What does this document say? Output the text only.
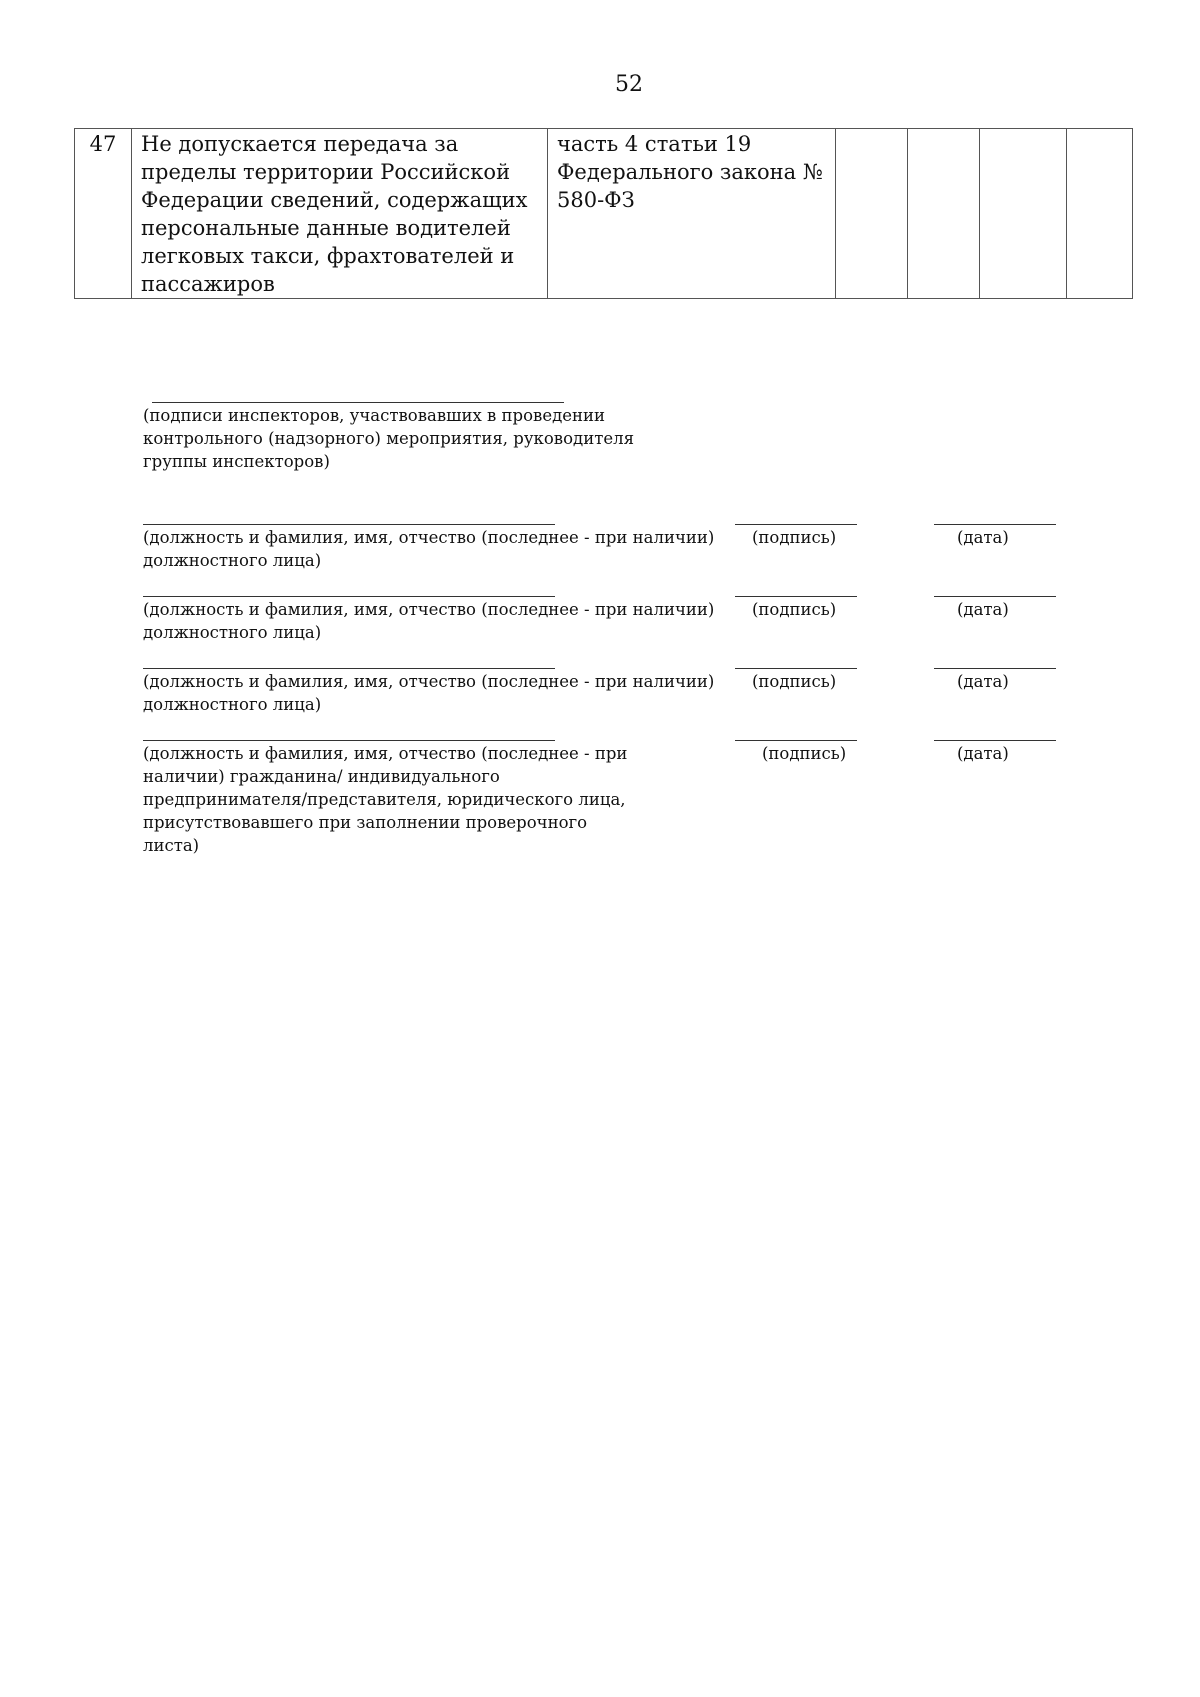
52
47	Не допускается передача за пределы территории Российской Федерации сведений, содержащих персональные данные водителей легковых такси, фрахтователей и пассажиров	часть 4 статьи 19 Федерального закона № 580-ФЗ				
(подписи инспекторов, участвовавших в проведении контрольного (надзорного) мероприятия, руководителя группы инспекторов)
(должность и фамилия, имя, отчество (последнее - при наличии) должностного лица)
(подпись)	(дата)
(должность и фамилия, имя, отчество (последнее - при наличии) должностного лица)
(подпись)	(дата)
(должность и фамилия, имя, отчество (последнее - при наличии) должностного лица)
(подпись)	(дата)
(должность и фамилия, имя, отчество (последнее - при наличии) гражданина/ индивидуального предпринимателя/представителя, юридического лица, присутствовавшего при заполнении проверочного листа)
(подпись)	(дата)
